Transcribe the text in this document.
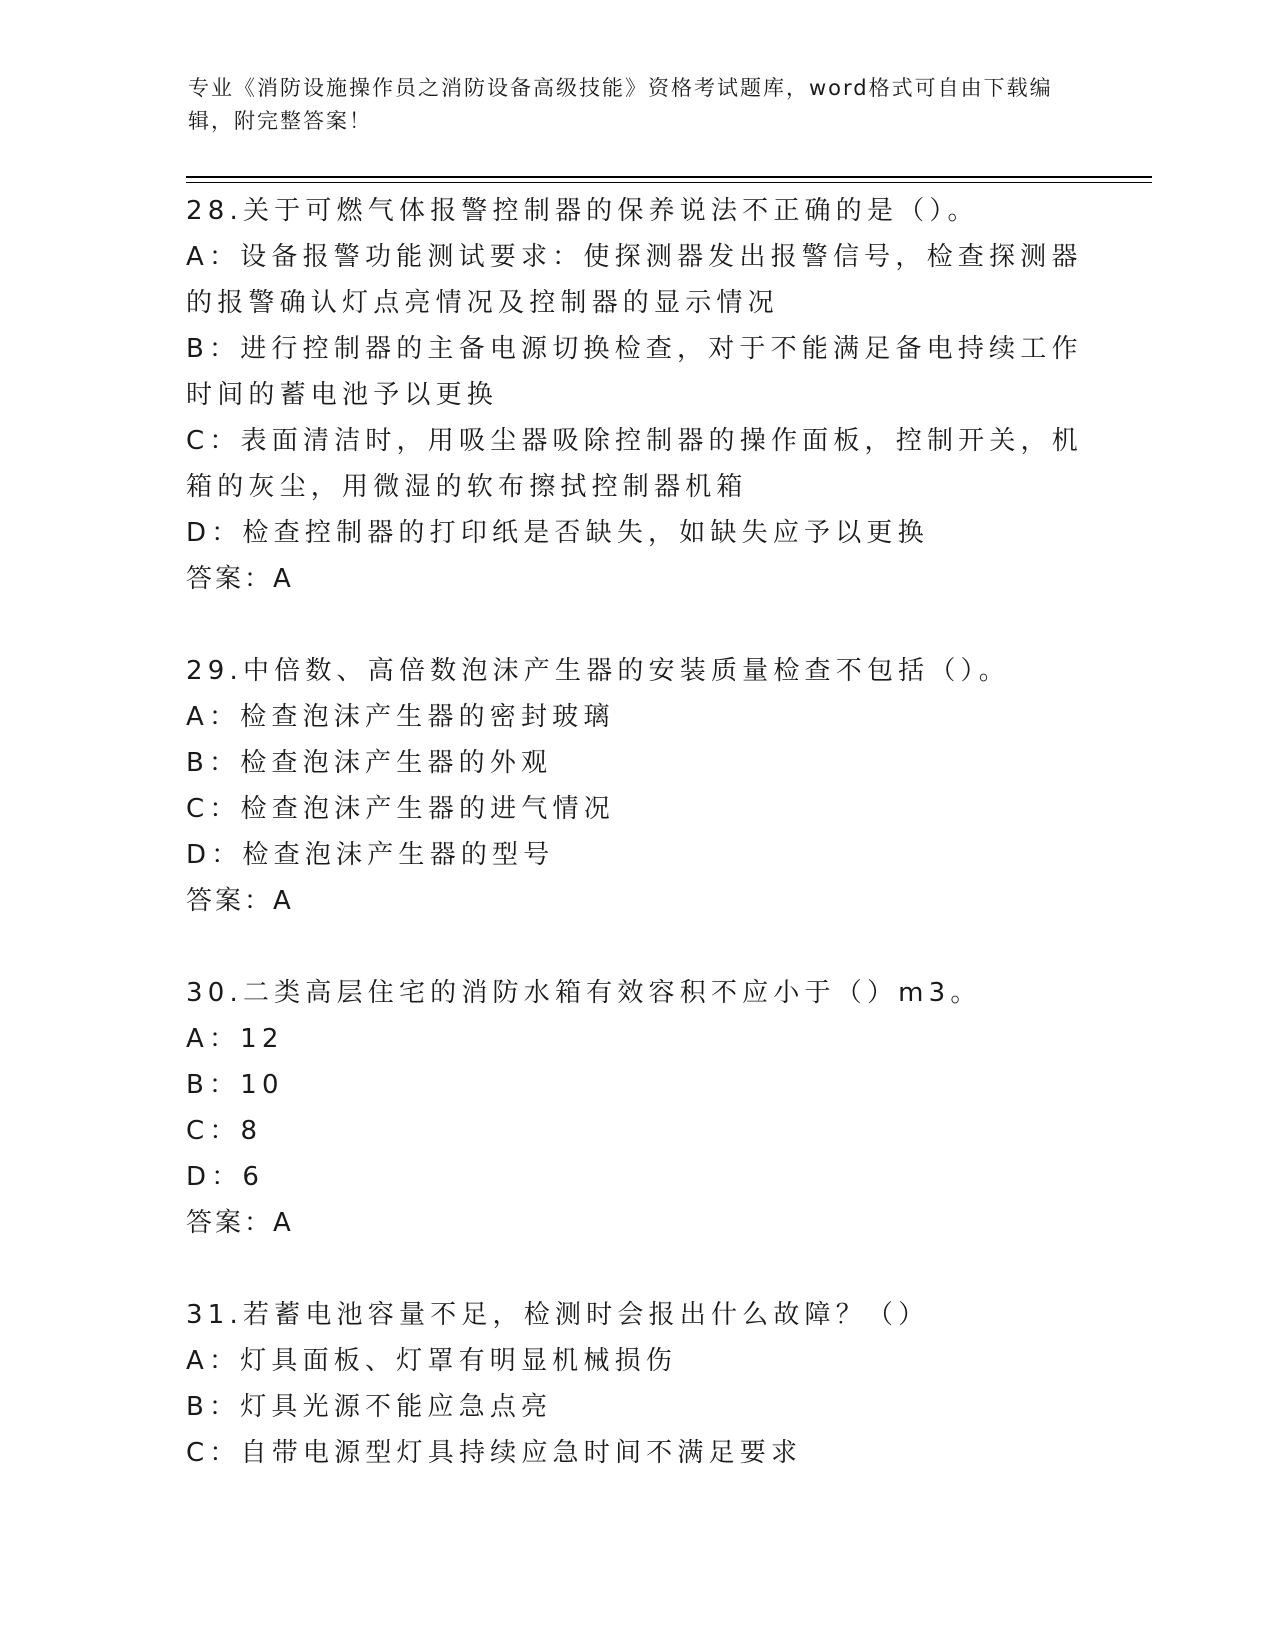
专业《消防设施操作员之消防设备高级技能》资格考试题库，word格式可自由下载编辑，附完整答案！

28.关于可燃气体报警控制器的保养说法不正确的是（）。

A：设备报警功能测试要求：使探测器发出报警信号，检查探测器的报警确认灯点亮情况及控制器的显示情况

B：进行控制器的主备电源切换检查，对于不能满足备电持续工作时间的蓄电池予以更换

C：表面清洁时，用吸尘器吸除控制器的操作面板，控制开关，机箱的灰尘，用微湿的软布擦拭控制器机箱

D：检查控制器的打印纸是否缺失，如缺失应予以更换

答案：A

29.中倍数、高倍数泡沫产生器的安装质量检查不包括（）。

A：检查泡沫产生器的密封玻璃

B：检查泡沫产生器的外观

C：检查泡沫产生器的进气情况

D：检查泡沫产生器的型号

答案：A

30.二类高层住宅的消防水箱有效容积不应小于（）m3。

A：12

B：10

C：8

D：6

答案：A

31.若蓄电池容量不足，检测时会报出什么故障？（）

A：灯具面板、灯罩有明显机械损伤

B：灯具光源不能应急点亮

C：自带电源型灯具持续应急时间不满足要求
